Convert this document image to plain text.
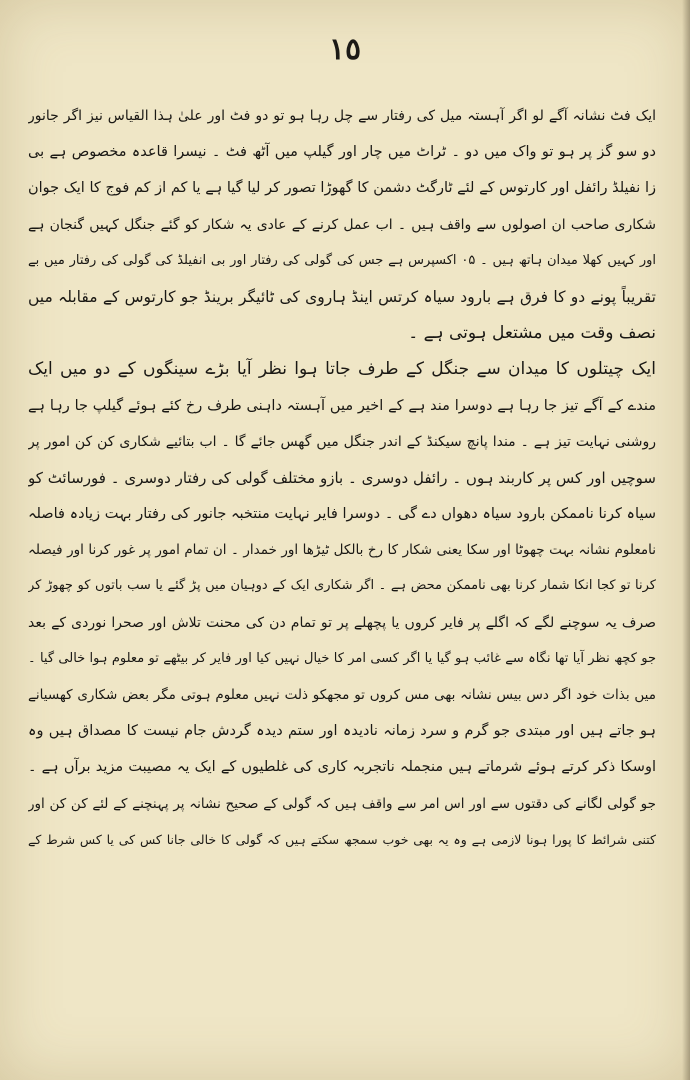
١٥
ایک فٹ نشانہ آگے لو اگر آہستہ میل کی رفتار سے چل رہا ہو تو دو فٹ اور علیٰ ہذا القیاس نیز اگر جانور
دو سو گز پر ہو تو واک میں دو ۔ ٹراٹ میں چار اور گیلپ میں آٹھ فٹ ۔ نیسرا قاعدہ مخصوص ہے بی
زا نفیلڈ رائفل اور کارتوس کے لئے ٹارگٹ دشمن کا گھوڑا تصور کر لیا گیا ہے یا کم از کم فوج کا ایک جوان
شکاری صاحب ان اصولوں سے واقف ہیں ۔ اب عمل کرنے کے عادی یہ شکار کو گئے جنگل کہیں گنجان ہے
اور کہیں کھلا میدان ہاتھ ہیں ۔ ۰۵ اکسپرس ہے جس کی گولی کی رفتار اور بی انفیلڈ کی گولی کی رفتار میں بے
تقریباً پونے دو کا فرق ہے بارود سیاہ کرتس اینڈ ہاروی کی ٹائیگر برینڈ جو کارتوس کے مقابلہ میں
نصف وقت میں مشتعل ہوتی ہے ۔
ایک چیتلوں کا میدان سے جنگل کے طرف جاتا ہوا نظر آیا بڑے سینگوں کے دو میں ایک
مندے کے آگے تیز جا رہا ہے دوسرا مند ہے کے اخیر میں آہستہ داہنی طرف رخ کئے ہوئے گیلپ جا رہا ہے
روشنی نہایت تیز ہے ۔ مندا پانچ سیکنڈ کے اندر جنگل میں گھس جائے گا ۔ اب بتائیے شکاری کن کن امور پر
سوچیں اور کس پر کاربند ہوں ۔ رائفل دوسری ۔ بازو مختلف گولی کی رفتار دوسری ۔ فورسائٹ کو
سیاہ کرنا ناممکن بارود سیاہ دھواں دے گی ۔ دوسرا فایر نہایت منتخبہ جانور کی رفتار بہت زیادہ فاصلہ
نامعلوم نشانہ بہت چھوٹا اور سکا یعنی شکار کا رخ بالکل ٹیڑھا اور خمدار ۔ ان تمام امور پر غور کرنا اور فیصلہ
کرنا تو کجا انکا شمار کرنا بھی ناممکن محض ہے ۔ اگر شکاری ایک کے دوہیان میں پڑ گئے یا سب باتوں کو چھوڑ کر
صرف یہ سوچنے لگے کہ اگلے پر فایر کروں یا پچھلے پر تو تمام دن کی محنت تلاش اور صحرا نوردی کے بعد
جو کچھ نظر آیا تھا نگاہ سے غائب ہو گیا یا اگر کسی امر کا خیال نہیں کیا اور فایر کر بیٹھے تو معلوم ہوا خالی گیا ۔
میں بذات خود اگر دس بیس نشانہ بھی مس کروں تو مجھکو ذلت نہیں معلوم ہوتی مگر بعض شکاری کھسیانے
ہو جاتے ہیں اور مبتدی جو گرم و سرد زمانہ نادیدہ اور ستم دیدہ گردش جام نیست کا مصداق ہیں وہ
اوسکا ذکر کرتے ہوئے شرماتے ہیں منجملہ ناتجربہ کاری کی غلطیوں کے ایک یہ مصیبت مزید برآں ہے ۔
جو گولی لگانے کی دقتوں سے اور اس امر سے واقف ہیں کہ گولی کے صحیح نشانہ پر پہنچنے کے لئے کن کن اور
کتنی شرائط کا پورا ہونا لازمی ہے وہ یہ بھی خوب سمجھ سکتے ہیں کہ گولی کا خالی جانا کس کی یا کس شرط کے
